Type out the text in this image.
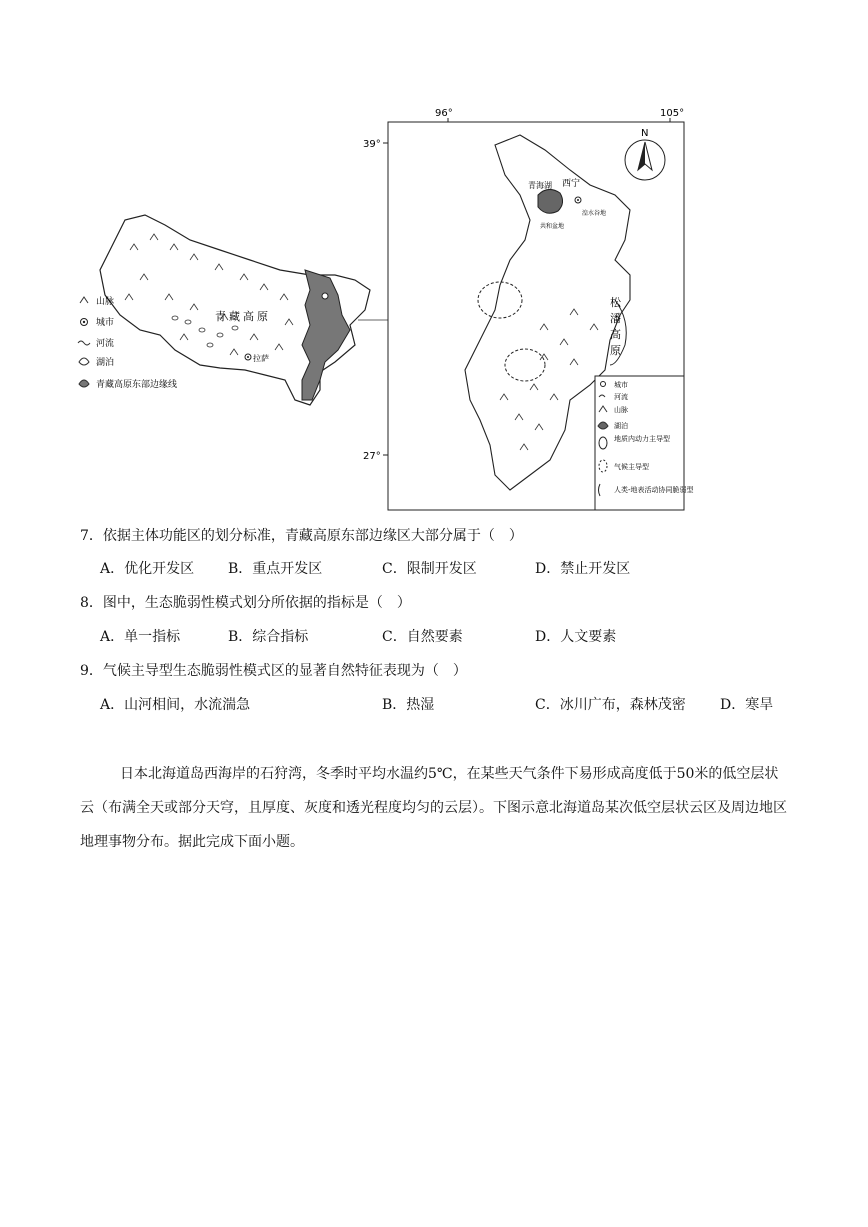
青藏高原
拉萨
山脉
城市
河流
湖泊
青藏高原东部边缘线
96°	105°
39°
27°
N
青海湖 西宁
共和盆地
湟水谷地
松潘高原
城市
河流
山脉
湖泊
地质内动力主导型
气候主导型
人类-地表活动协同脆弱型
7．依据主体功能区的划分标准，青藏高原东部边缘区大部分属于（　）
A．优化开发区 B．重点开发区	C．限制开发区	D．禁止开发区
8．图中，生态脆弱性模式划分所依据的指标是（　）
A．单一指标	B．综合指标	C．自然要素	D．人文要素
9．气候主导型生态脆弱性模式区的显著自然特征表现为（　）
A．山河相间，水流湍急	B．热湿	C．冰川广布，森林茂密 D．寒旱
日本北海道岛西海岸的石狩湾，冬季时平均水温约5℃，在某些天气条件下易形成高度低于50米的低空层状云（布满全天或部分天穹，且厚度、灰度和透光程度均匀的云层）。下图示意北海道岛某次低空层状云区及周边地区地理事物分布。据此完成下面小题。
